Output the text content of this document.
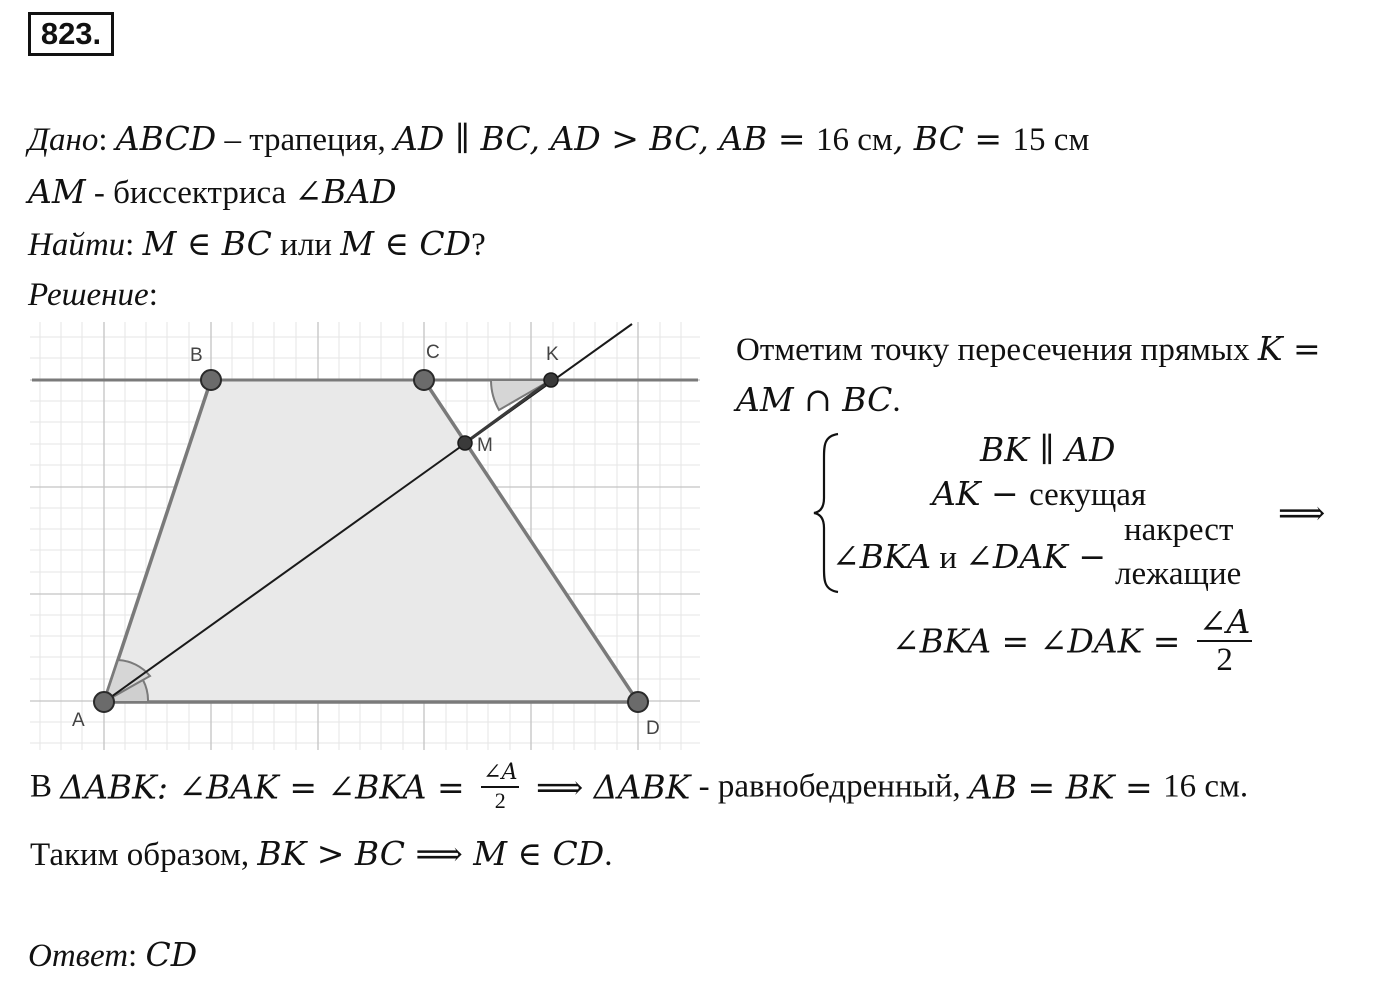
823.
Дано: ABCD – трапеция, AD ∥ BC, AD > BC, AB = 16 см, BC = 15 см
AM - биссектриса ∠BAD
Найти: M ∈ BC или M ∈ CD?
Решение:
A
B	C
D
K
M
Отметим точку пересечения прямых K =
AM ∩ BC.
BK ∥ AD
AK − секущая
∠BKA и ∠DAK −
накрест
лежащие
⟹
∠BKA = ∠DAK = $\frac{\angle A}{2}$
В ΔABK: ∠BAK = ∠BKA = $\frac{\angle A}{2}$ ⟹ ΔABK - равнобедренный, AB = BK = 16 см.
Таким образом, BK > BC ⟹ M ∈ CD.
Ответ: CD
